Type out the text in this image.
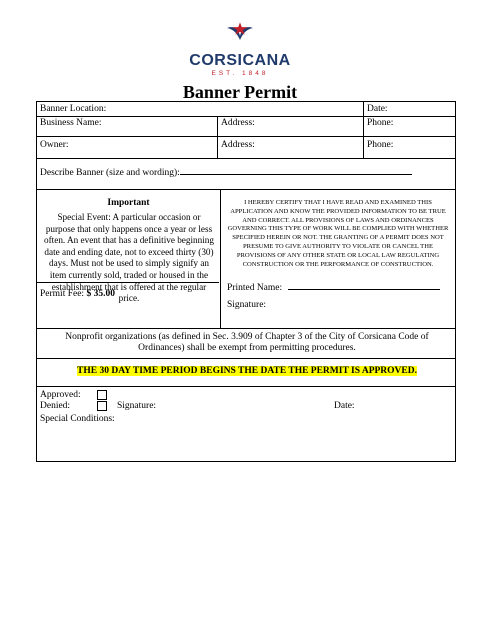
CORSICANA
EST. 1848
Banner Permit
Banner Location:	Date:
Business Name:	Address:	Phone:
Owner:	Address:	Phone:
Describe Banner (size and wording):
Important
Special Event: A particular occasion or purpose that only happens once a year or less often. An event that has a definitive beginning date and ending date, not to exceed thirty (30) days. Must not be used to simply signify an item currently sold, traded or housed in the establishment that is offered at the regular price.
Permit Fee: $ 35.00
I HEREBY CERTIFY THAT I HAVE READ AND EXAMINED THIS APPLICATION AND KNOW THE PROVIDED INFORMATION TO BE TRUE AND CORRECT. ALL PROVISIONS OF LAWS AND ORDINANCES GOVERNING THIS TYPE OF WORK WILL BE COMPLIED WITH WHETHER SPECIFIED HEREIN OR NOT. THE GRANTING OF A PERMIT DOES NOT PRESUME TO GIVE AUTHORITY TO VIOLATE OR CANCEL THE PROVISIONS OF ANY OTHER STATE OR LOCAL LAW REGULATING CONSTRUCTION OR THE PERFORMANCE OF CONSTRUCTION.
Printed Name:
Signature:
Nonprofit organizations (as defined in Sec. 3.909 of Chapter 3 of the City of Corsicana Code of Ordinances) shall be exempt from permitting procedures.
THE 30 DAY TIME PERIOD BEGINS THE DATE THE PERMIT IS APPROVED.
Approved:
Denied:	Signature:	Date:
Special Conditions:
